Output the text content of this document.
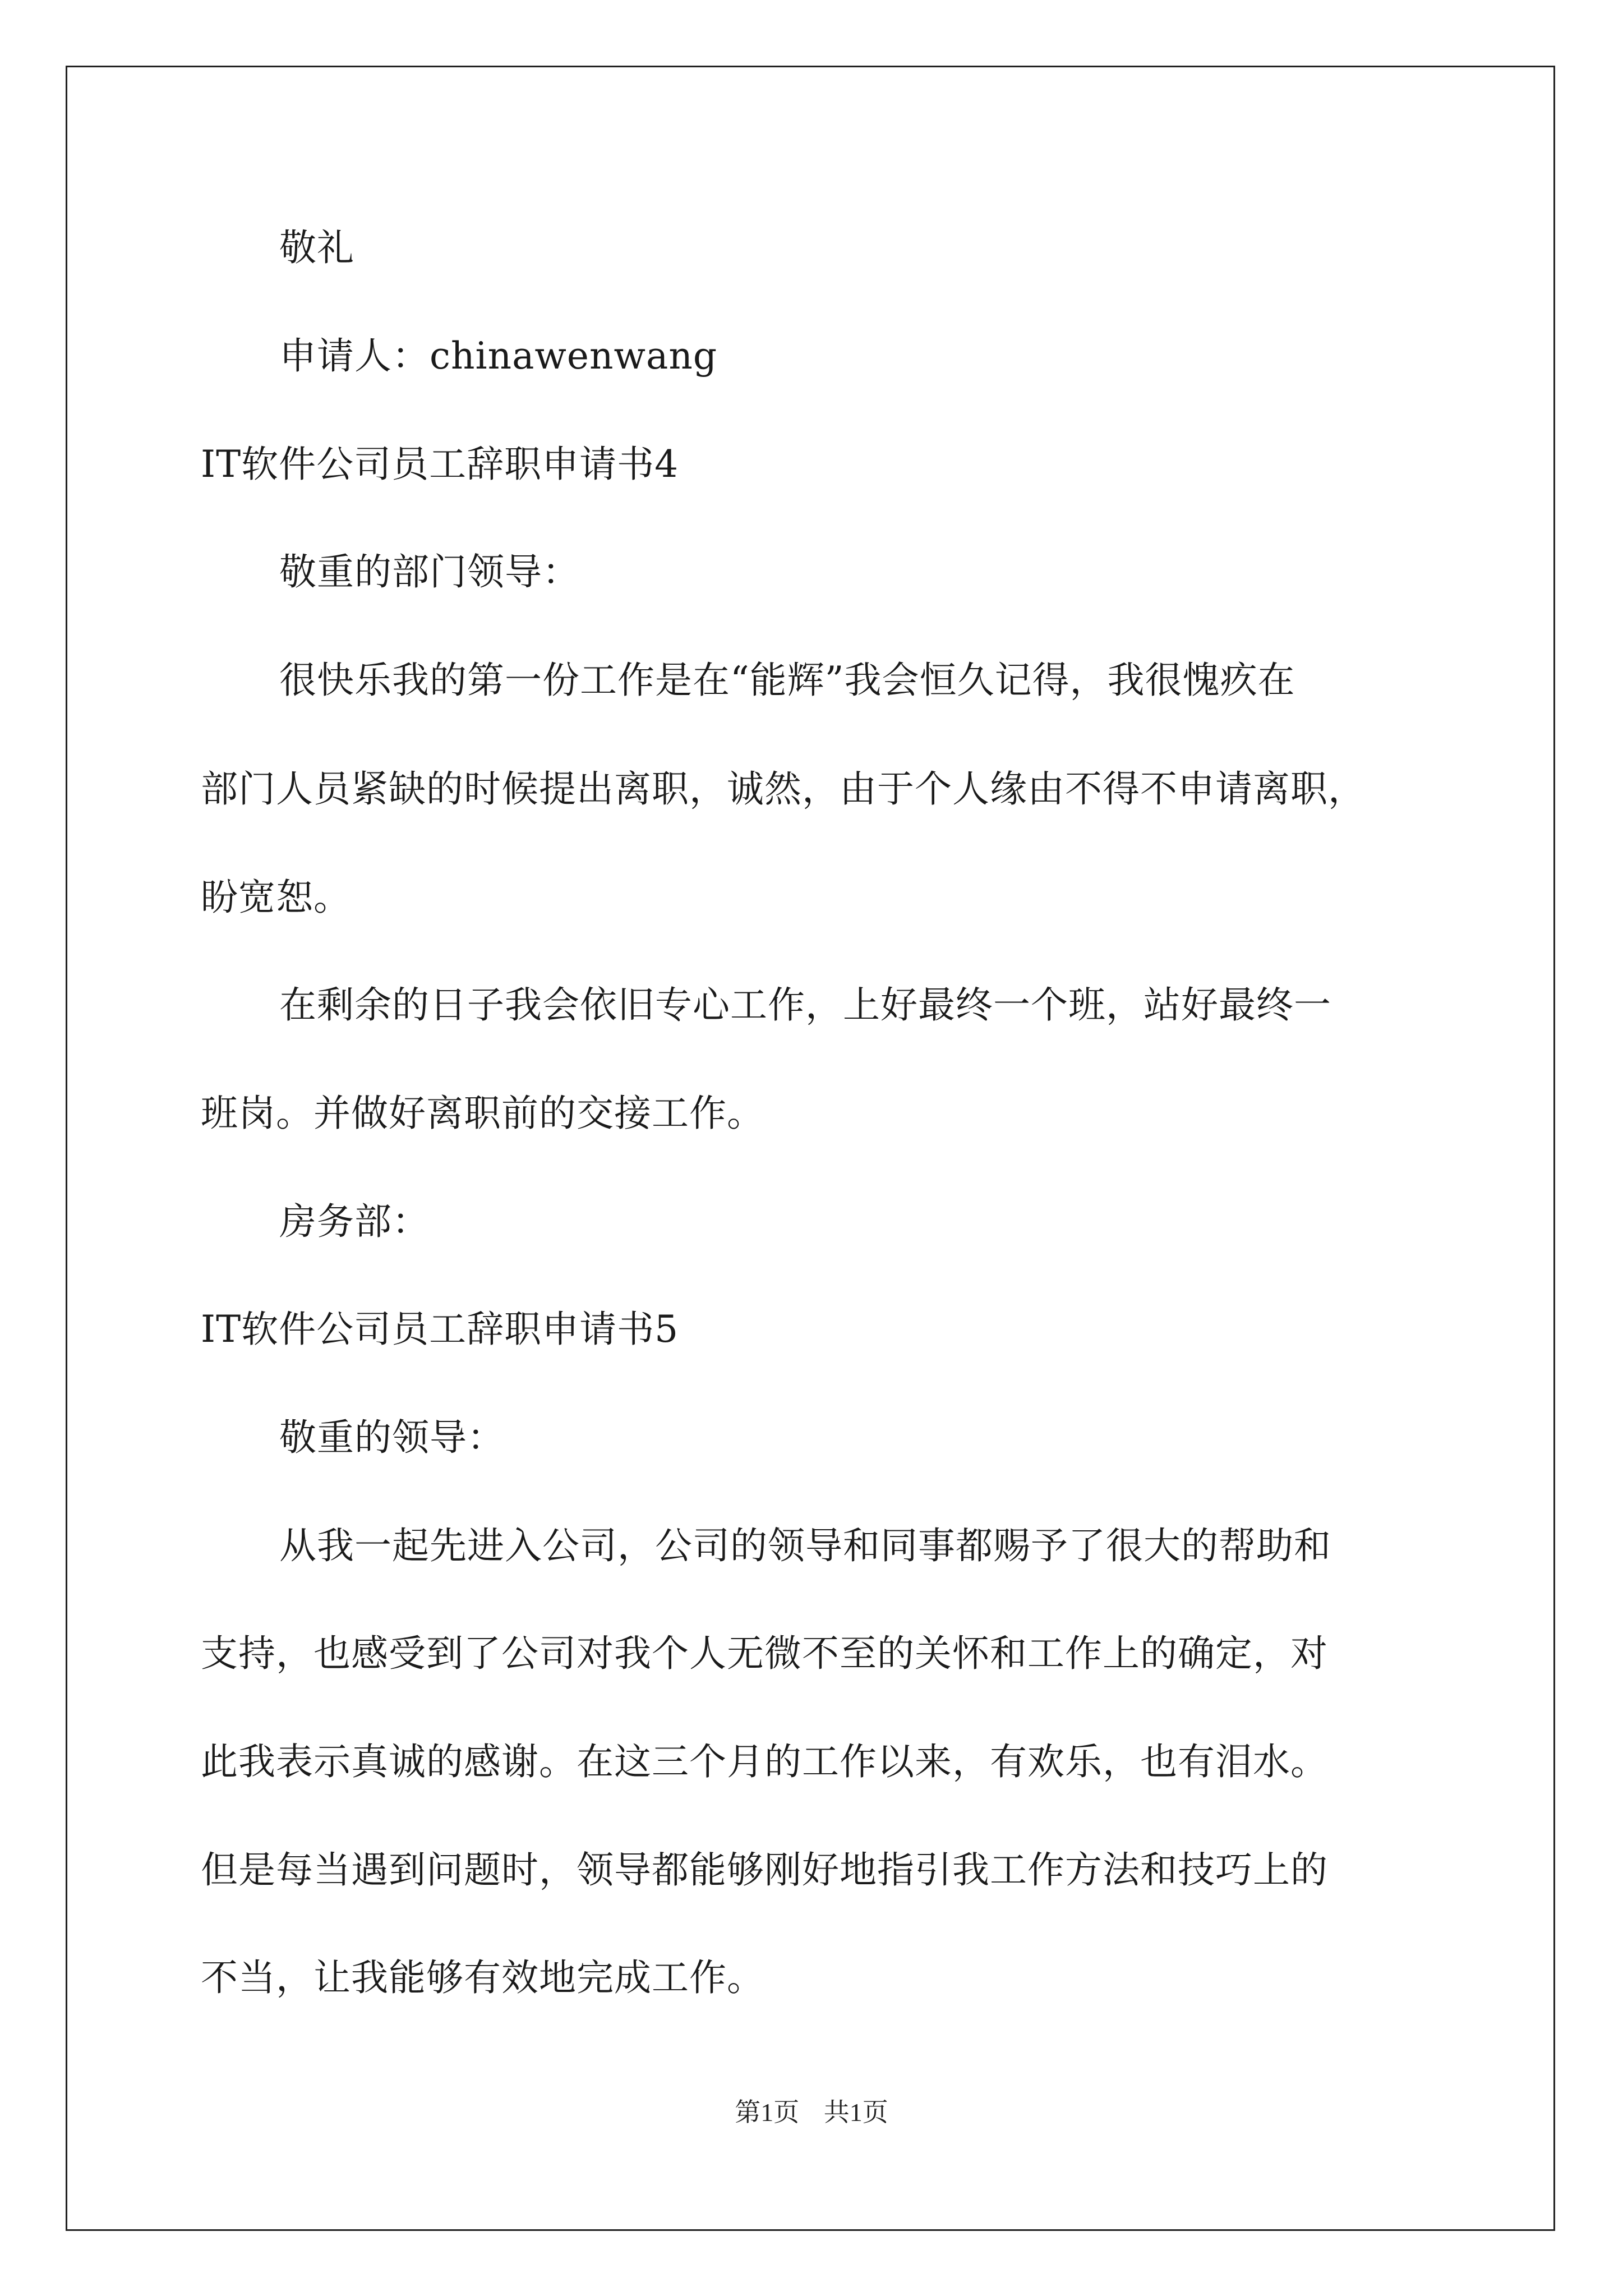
敬礼
申请人：chinawenwang
IT软件公司员工辞职申请书4
敬重的部门领导：
很快乐我的第一份工作是在“能辉”我会恒久记得，我很愧疚在
部门人员紧缺的时候提出离职，诚然，由于个人缘由不得不申请离职，
盼宽恕。
在剩余的日子我会依旧专心工作，上好最终一个班，站好最终一
班岗。并做好离职前的交接工作。
房务部：
IT软件公司员工辞职申请书5
敬重的领导：
从我一起先进入公司，公司的领导和同事都赐予了很大的帮助和
支持，也感受到了公司对我个人无微不至的关怀和工作上的确定，对
此我表示真诚的感谢。在这三个月的工作以来，有欢乐，也有泪水。
但是每当遇到问题时，领导都能够刚好地指引我工作方法和技巧上的
不当，让我能够有效地完成工作。
第1页 共1页
